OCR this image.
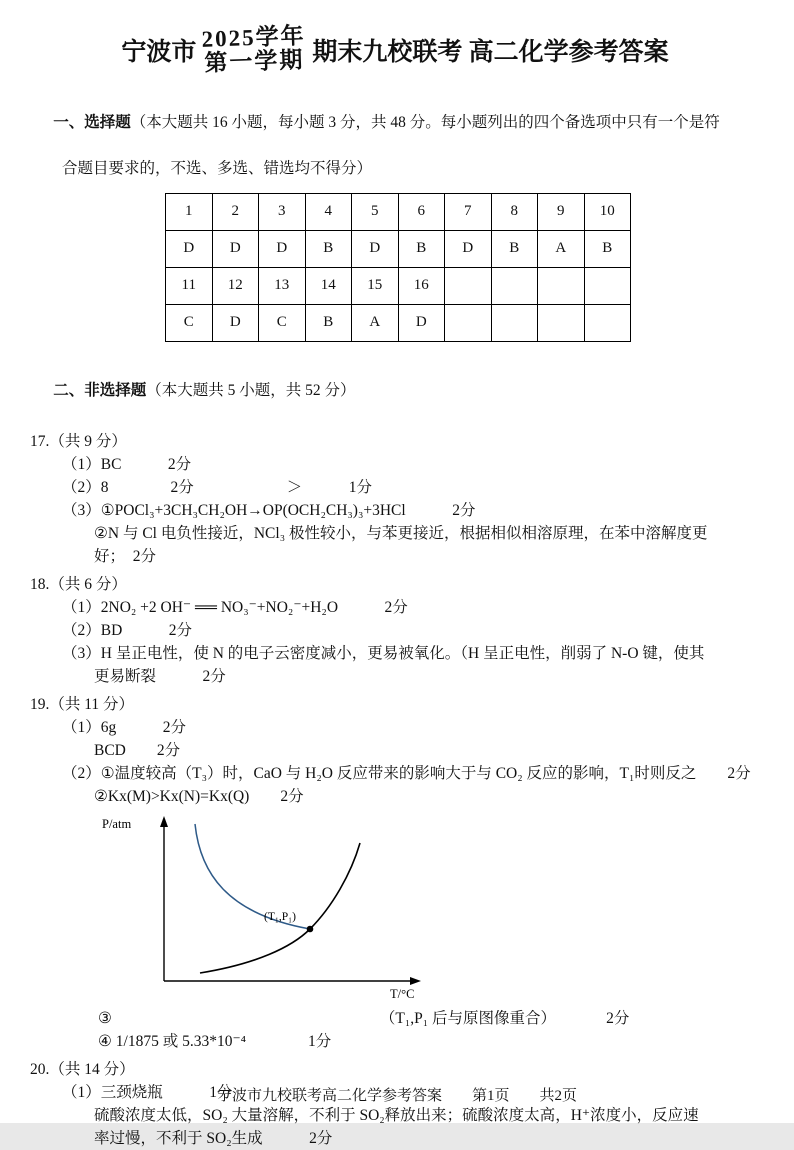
宁波市
2025学年
第一学期 期末九校联考 高二化学参考答案

一、选择题（本大题共 16 小题，每小题 3 分，共 48 分。每小题列出的四个备选项中只有一个是符

合题目要求的，不选、多选、错选均不得分）
1	2	3	4	5	6	7	8	9	10
D	D	D	B	D	B	D	B	A	B
11	12	13	14	15	16				
C	D	C	B	A	D				

二、非选择题（本大题共 5 小题，共 52 分）

17.（共 9 分）
（1）BC　　　2分
（2）8　　　　2分　　　　　　＞　　　1分
（3）①POCl₃+3CH₃CH₂OH→OP(OCH₂CH₃)₃+3HCl　　　2分
②N 与 Cl 电负性接近，NCl₃ 极性较小，与苯更接近，根据相似相溶原理，在苯中溶解度更
好；　2分
18.（共 6 分）
（1）2NO₂ +2 OH⁻ ══ NO₃⁻+NO₂⁻+H₂O　　　2分
（2）BD　　　2分
（3）H 呈正电性，使 N 的电子云密度减小，更易被氧化。（H 呈正电性，削弱了 N-O 键，使其
更易断裂　　　2分
19.（共 11 分）
（1）6g　　　2分
BCD　　2分
（2）①温度较高（T₃）时，CaO 与 H₂O 反应带来的影响大于与 CO₂ 反应的影响，T₁时则反之　　2分
②Kx(M)>Kx(N)=Kx(Q)　　2分
P/atm
T/°C
(T₁,P₁)
③	（T₁,P₁ 后与原图像重合）	2分
④ 1/1875 或 5.33*10⁻⁴　　　　1分
20.（共 14 分）
（1）三颈烧瓶　　　1分
硫酸浓度太低，SO₂ 大量溶解，不利于 SO₂释放出来；硫酸浓度太高，H⁺浓度小，反应速
率过慢，不利于 SO₂生成　　　2分
宁波市九校联考高二化学参考答案　　第1页　　共2页
